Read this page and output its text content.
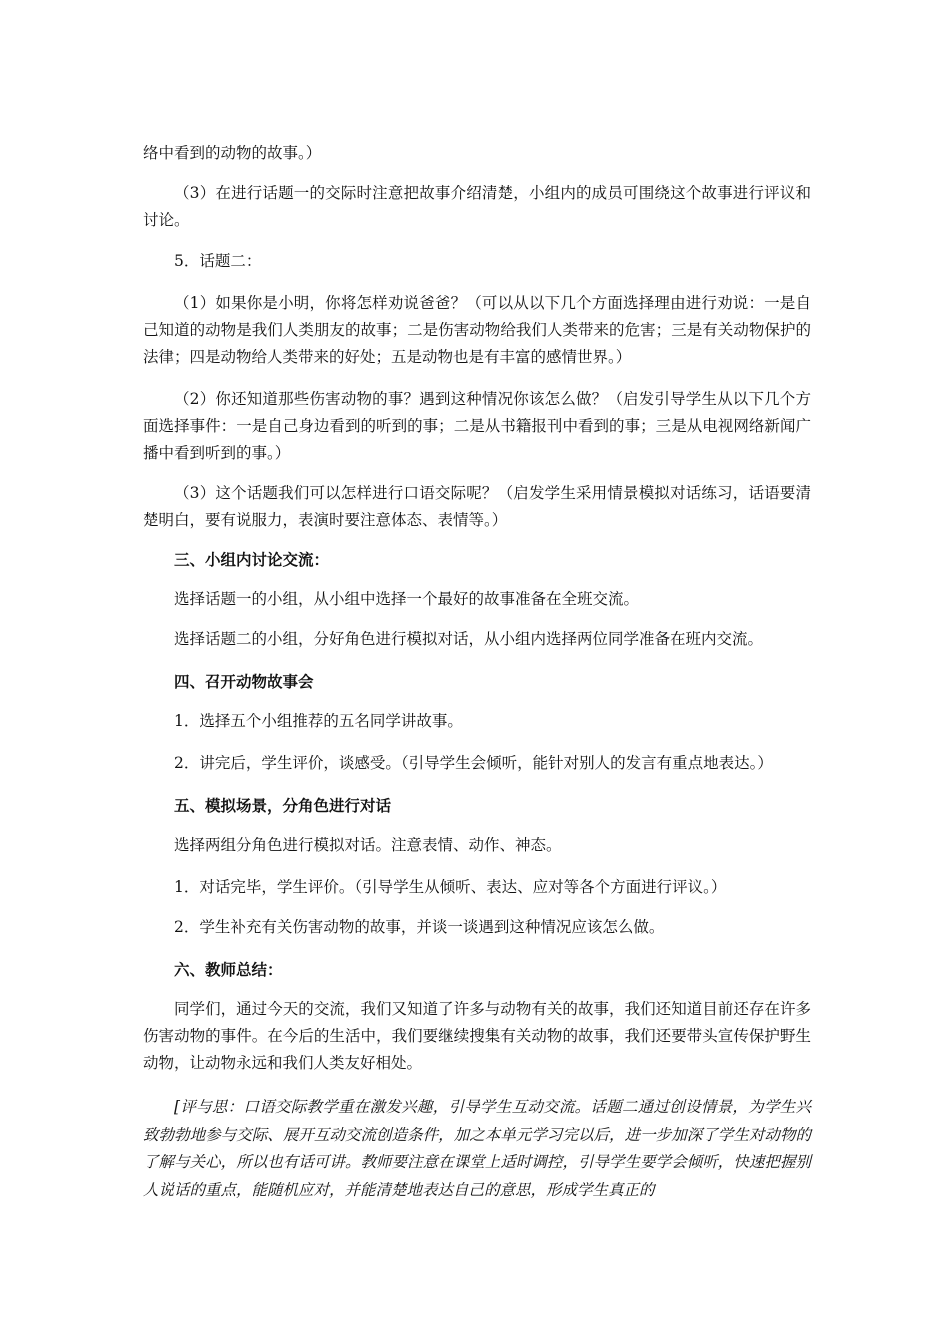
络中看到的动物的故事。）

（3）在进行话题一的交际时注意把故事介绍清楚，小组内的成员可围绕这个故事进行评议和讨论。

5．话题二：

（1）如果你是小明，你将怎样劝说爸爸？（可以从以下几个方面选择理由进行劝说：一是自己知道的动物是我们人类朋友的故事；二是伤害动物给我们人类带来的危害；三是有关动物保护的法律；四是动物给人类带来的好处；五是动物也是有丰富的感情世界。）

（2）你还知道那些伤害动物的事？遇到这种情况你该怎么做？（启发引导学生从以下几个方面选择事件：一是自己身边看到的听到的事；二是从书籍报刊中看到的事；三是从电视网络新闻广播中看到听到的事。）

（3）这个话题我们可以怎样进行口语交际呢？（启发学生采用情景模拟对话练习，话语要清楚明白，要有说服力，表演时要注意体态、表情等。）

三、小组内讨论交流：

选择话题一的小组，从小组中选择一个最好的故事准备在全班交流。

选择话题二的小组，分好角色进行模拟对话，从小组内选择两位同学准备在班内交流。

四、召开动物故事会

1．选择五个小组推荐的五名同学讲故事。

2．讲完后，学生评价，谈感受。（引导学生会倾听，能针对别人的发言有重点地表达。）

五、模拟场景，分角色进行对话

选择两组分角色进行模拟对话。注意表情、动作、神态。

1．对话完毕，学生评价。（引导学生从倾听、表达、应对等各个方面进行评议。）

2．学生补充有关伤害动物的故事，并谈一谈遇到这种情况应该怎么做。

六、教师总结：

同学们，通过今天的交流，我们又知道了许多与动物有关的故事，我们还知道目前还存在许多伤害动物的事件。在今后的生活中，我们要继续搜集有关动物的故事，我们还要带头宣传保护野生动物，让动物永远和我们人类友好相处。

[评与思：口语交际教学重在激发兴趣，引导学生互动交流。话题二通过创设情景，为学生兴致勃勃地参与交际、展开互动交流创造条件，加之本单元学习完以后，进一步加深了学生对动物的了解与关心，所以也有话可讲。教师要注意在课堂上适时调控，引导学生要学会倾听，快速把握别人说话的重点，能随机应对，并能清楚地表达自己的意思，形成学生真正的
